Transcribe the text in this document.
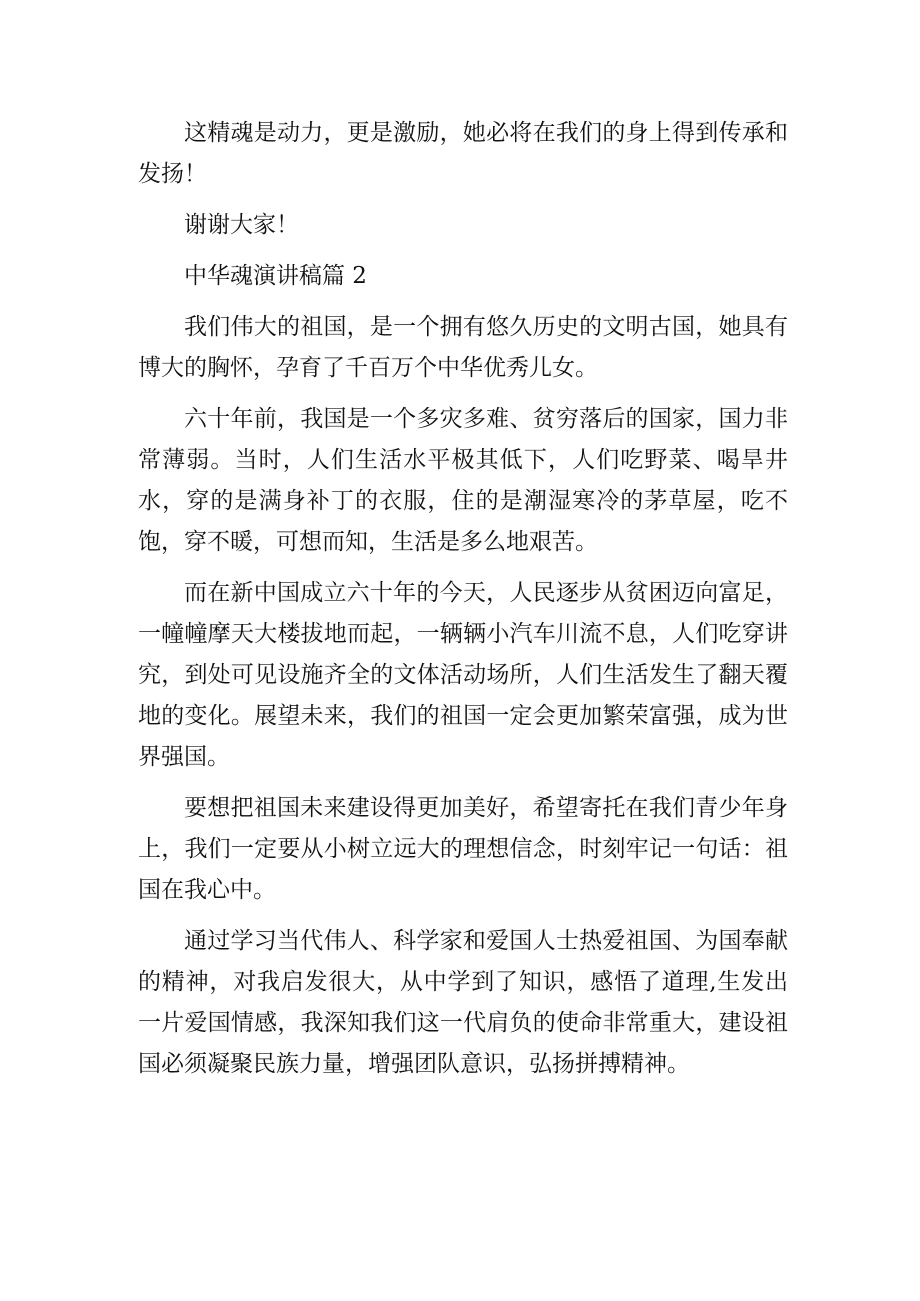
这精魂是动力，更是激励，她必将在我们的身上得到传承和发扬！

谢谢大家！

中华魂演讲稿篇 2

我们伟大的祖国，是一个拥有悠久历史的文明古国，她具有博大的胸怀，孕育了千百万个中华优秀儿女。

六十年前，我国是一个多灾多难、贫穷落后的国家，国力非常薄弱。当时，人们生活水平极其低下，人们吃野菜、喝旱井水，穿的是满身补丁的衣服，住的是潮湿寒冷的茅草屋，吃不饱，穿不暖，可想而知，生活是多么地艰苦。

而在新中国成立六十年的今天，人民逐步从贫困迈向富足，一幢幢摩天大楼拔地而起，一辆辆小汽车川流不息，人们吃穿讲究，到处可见设施齐全的文体活动场所，人们生活发生了翻天覆地的变化。展望未来，我们的祖国一定会更加繁荣富强，成为世界强国。

要想把祖国未来建设得更加美好，希望寄托在我们青少年身上，我们一定要从小树立远大的理想信念，时刻牢记一句话：祖国在我心中。

通过学习当代伟人、科学家和爱国人士热爱祖国、为国奉献的精神，对我启发很大，从中学到了知识，感悟了道理,生发出一片爱国情感，我深知我们这一代肩负的使命非常重大，建设祖国必须凝聚民族力量，增强团队意识，弘扬拼搏精神。
